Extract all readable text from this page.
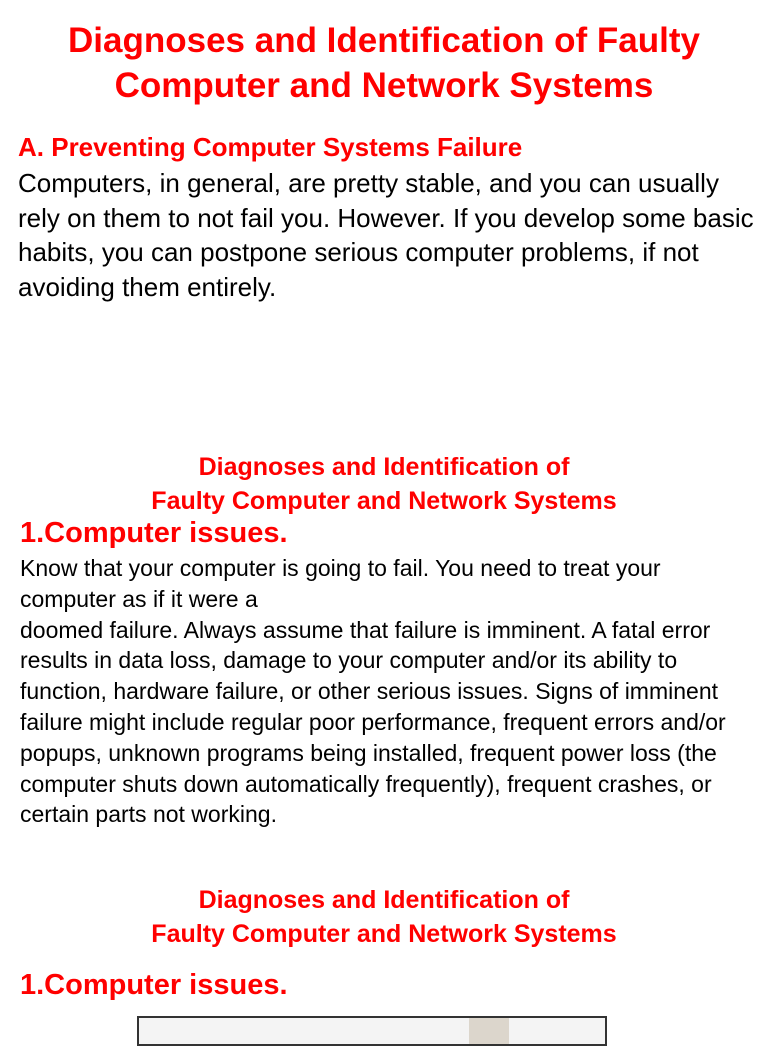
Diagnoses and Identification of Faulty
Computer and Network Systems
A. Preventing Computer Systems Failure

Computers, in general, are pretty stable, and you can usually rely on them to not fail you. However. If you develop some basic habits, you can postpone serious computer problems, if not avoiding them entirely.

Diagnoses and Identification of
Faulty Computer and Network Systems
1.Computer issues.

Know that your computer is going to fail. You need to treat your computer as if it were a
doomed failure. Always assume that failure is imminent. A fatal error results in data loss, damage to your computer and/or its ability to function, hardware failure, or other serious issues. Signs of imminent failure might include regular poor performance, frequent errors and/or popups, unknown programs being installed, frequent power loss (the computer shuts down automatically frequently), frequent crashes, or certain parts not working.

Diagnoses and Identification of
Faulty Computer and Network Systems
1.Computer issues.
